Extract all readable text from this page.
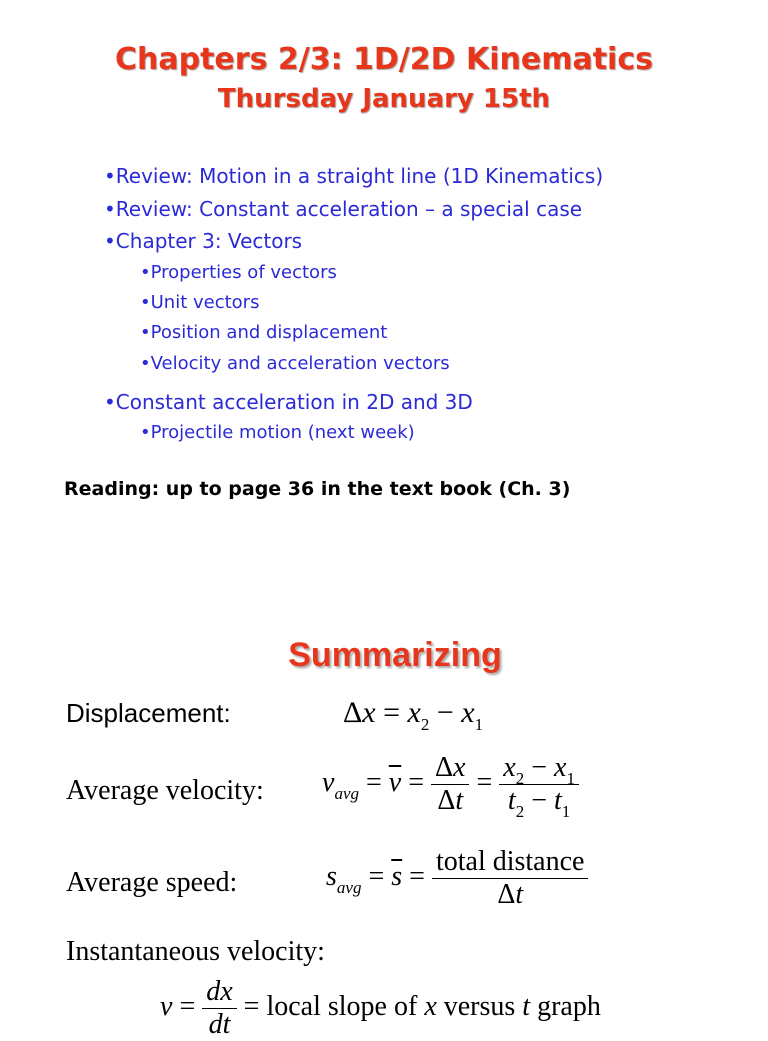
Chapters 2/3: 1D/2D Kinematics
Thursday January 15th
•Review: Motion in a straight line (1D Kinematics)
•Review: Constant acceleration – a special case
•Chapter 3: Vectors
•Properties of vectors
•Unit vectors
•Position and displacement
•Velocity and acceleration vectors
•Constant acceleration in 2D and 3D
•Projectile motion (next week)
Reading: up to page 36 in the text book (Ch. 3)
Summarizing
Displacement:	$\Delta x = x_2 - x_1$
Average velocity: $v_{avg} = \overline{v} = \frac{\Delta x}{\Delta t} = \frac{x_2 - x_1}{t_2 - t_1}$
Average speed:	$s_{avg} = \overline{s} = \frac{\text{total distance}}{\Delta t}$
Instantaneous velocity:
$v = \frac{dx}{dt}$ = local slope of x versus t graph
